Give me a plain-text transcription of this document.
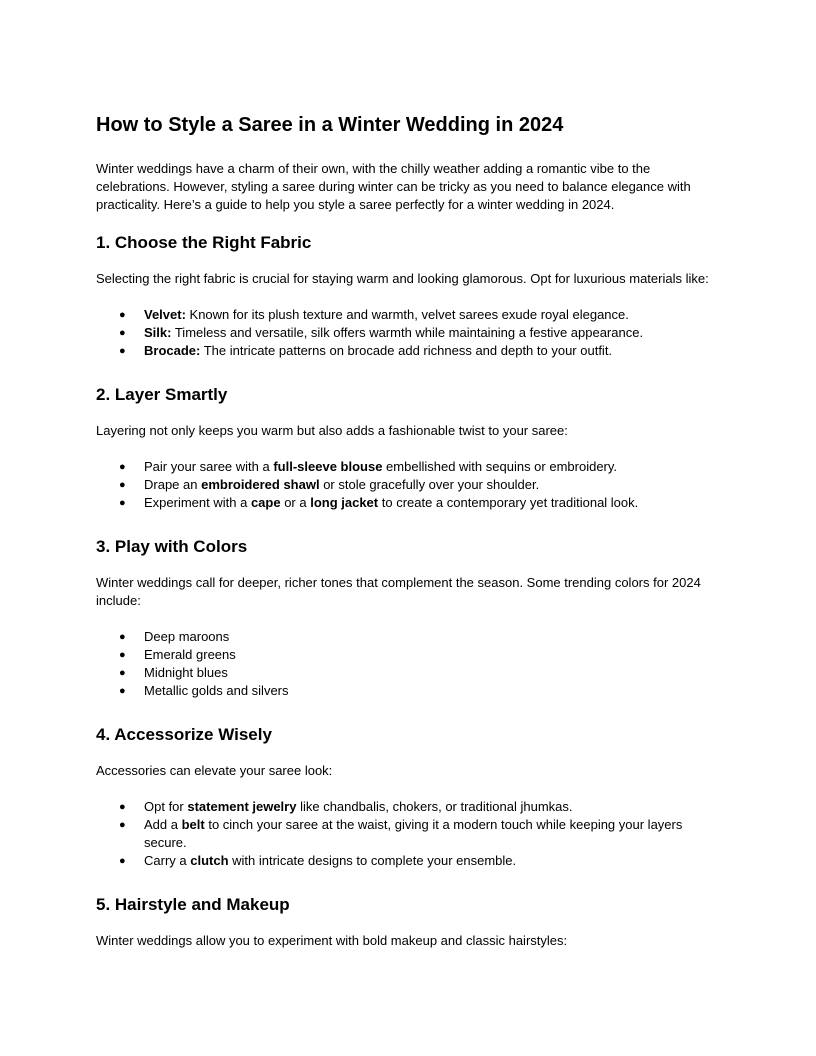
How to Style a Saree in a Winter Wedding in 2024

Winter weddings have a charm of their own, with the chilly weather adding a romantic vibe to the celebrations. However, styling a saree during winter can be tricky as you need to balance elegance with practicality. Here’s a guide to help you style a saree perfectly for a winter wedding in 2024.

1. Choose the Right Fabric

Selecting the right fabric is crucial for staying warm and looking glamorous. Opt for luxurious materials like:

● Velvet: Known for its plush texture and warmth, velvet sarees exude royal elegance.
● Silk: Timeless and versatile, silk offers warmth while maintaining a festive appearance.
● Brocade: The intricate patterns on brocade add richness and depth to your outfit.
2. Layer Smartly

Layering not only keeps you warm but also adds a fashionable twist to your saree:

● Pair your saree with a full-sleeve blouse embellished with sequins or embroidery.
● Drape an embroidered shawl or stole gracefully over your shoulder.
● Experiment with a cape or a long jacket to create a contemporary yet traditional look.
3. Play with Colors

Winter weddings call for deeper, richer tones that complement the season. Some trending colors for 2024 include:

● Deep maroons
● Emerald greens
● Midnight blues
● Metallic golds and silvers
4. Accessorize Wisely

Accessories can elevate your saree look:

● Opt for statement jewelry like chandbalis, chokers, or traditional jhumkas.
● Add a belt to cinch your saree at the waist, giving it a modern touch while keeping your layers secure.
● Carry a clutch with intricate designs to complete your ensemble.
5. Hairstyle and Makeup

Winter weddings allow you to experiment with bold makeup and classic hairstyles:
